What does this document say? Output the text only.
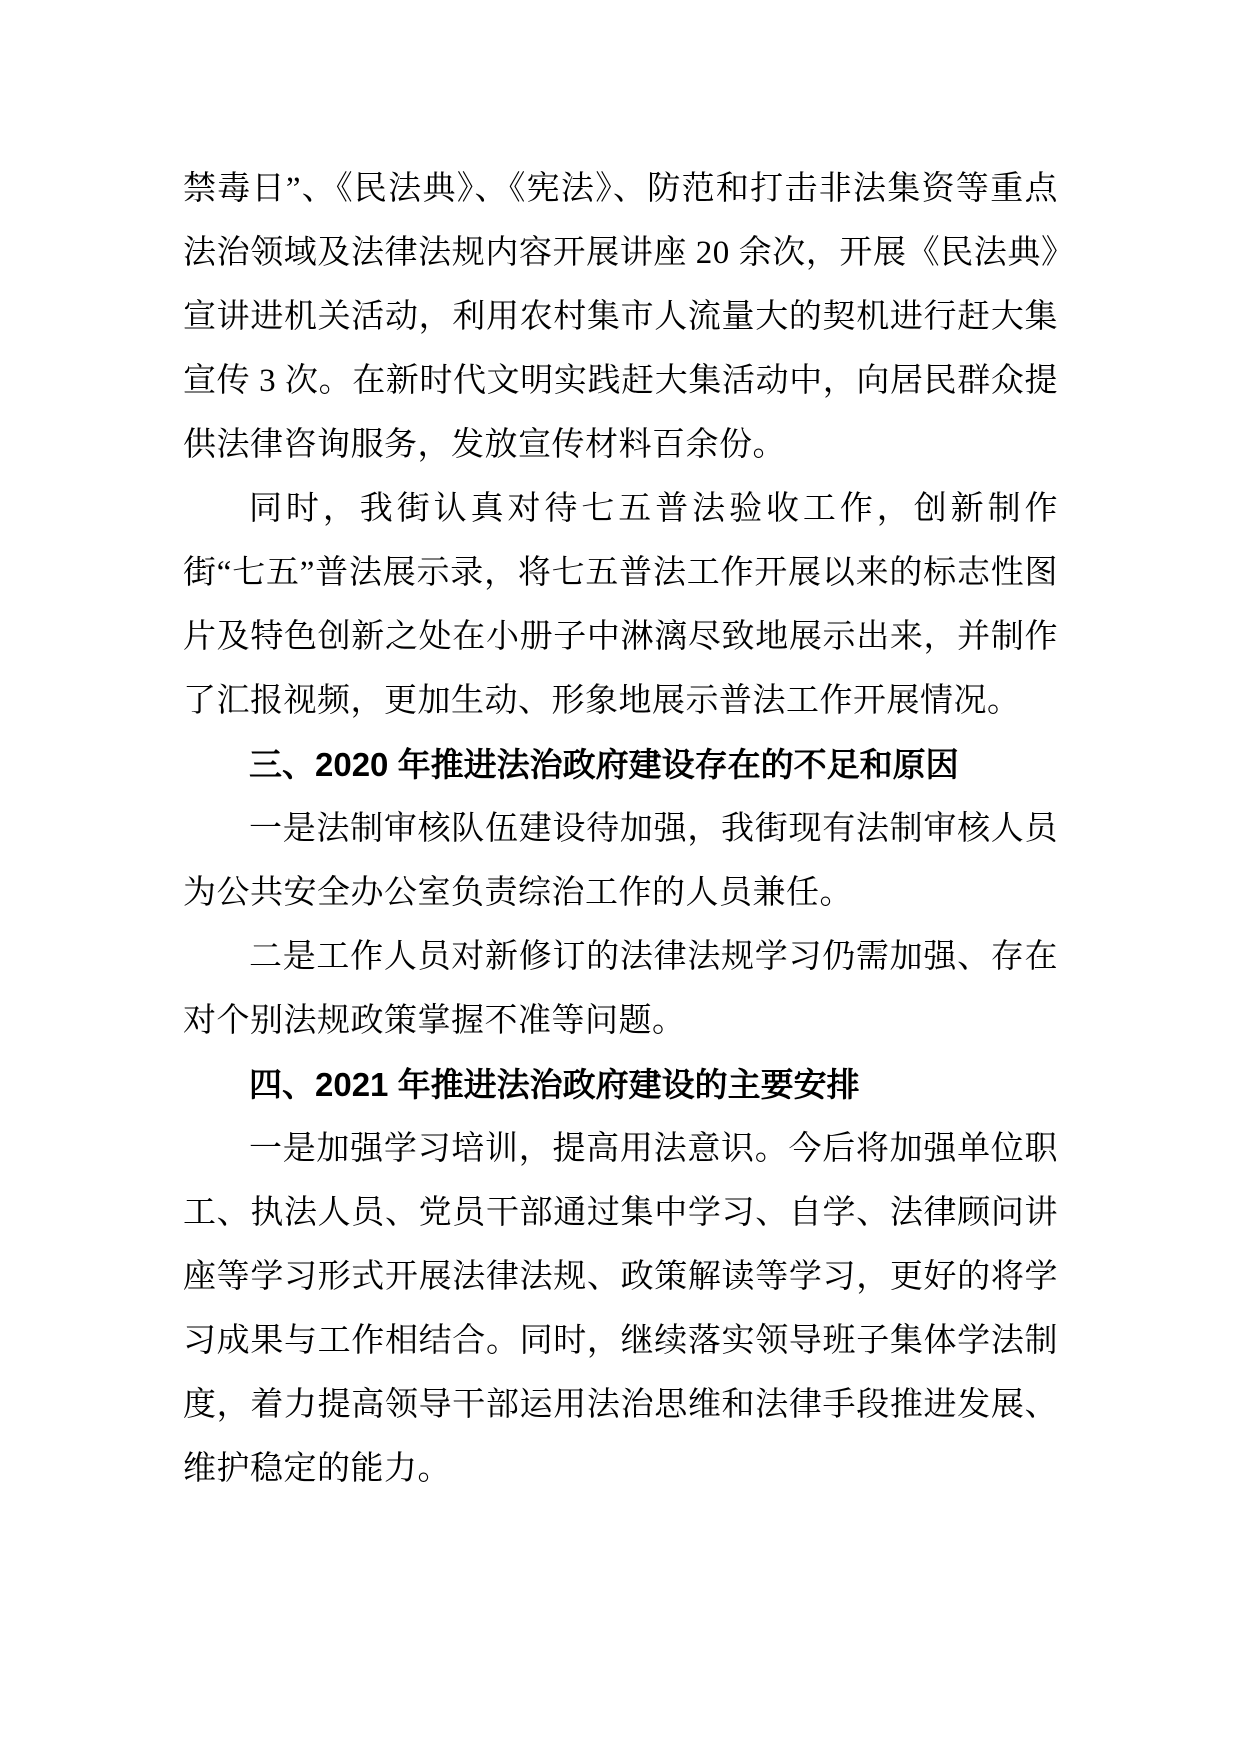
禁毒日”、《民法典》、《宪法》、防范和打击非法集资等重点法治领域及法律法规内容开展讲座 20 余次，开展《民法典》宣讲进机关活动，利用农村集市人流量大的契机进行赶大集宣传 3 次。在新时代文明实践赶大集活动中，向居民群众提供法律咨询服务，发放宣传材料百余份。

同时，我街认真对待七五普法验收工作，创新制作街“七五”普法展示录，将七五普法工作开展以来的标志性图片及特色创新之处在小册子中淋漓尽致地展示出来，并制作了汇报视频，更加生动、形象地展示普法工作开展情况。

三、2020 年推进法治政府建设存在的不足和原因

一是法制审核队伍建设待加强，我街现有法制审核人员为公共安全办公室负责综治工作的人员兼任。

二是工作人员对新修订的法律法规学习仍需加强、存在对个别法规政策掌握不准等问题。

四、2021 年推进法治政府建设的主要安排

一是加强学习培训，提高用法意识。今后将加强单位职工、执法人员、党员干部通过集中学习、自学、法律顾问讲座等学习形式开展法律法规、政策解读等学习，更好的将学习成果与工作相结合。同时，继续落实领导班子集体学法制度，着力提高领导干部运用法治思维和法律手段推进发展、维护稳定的能力。
